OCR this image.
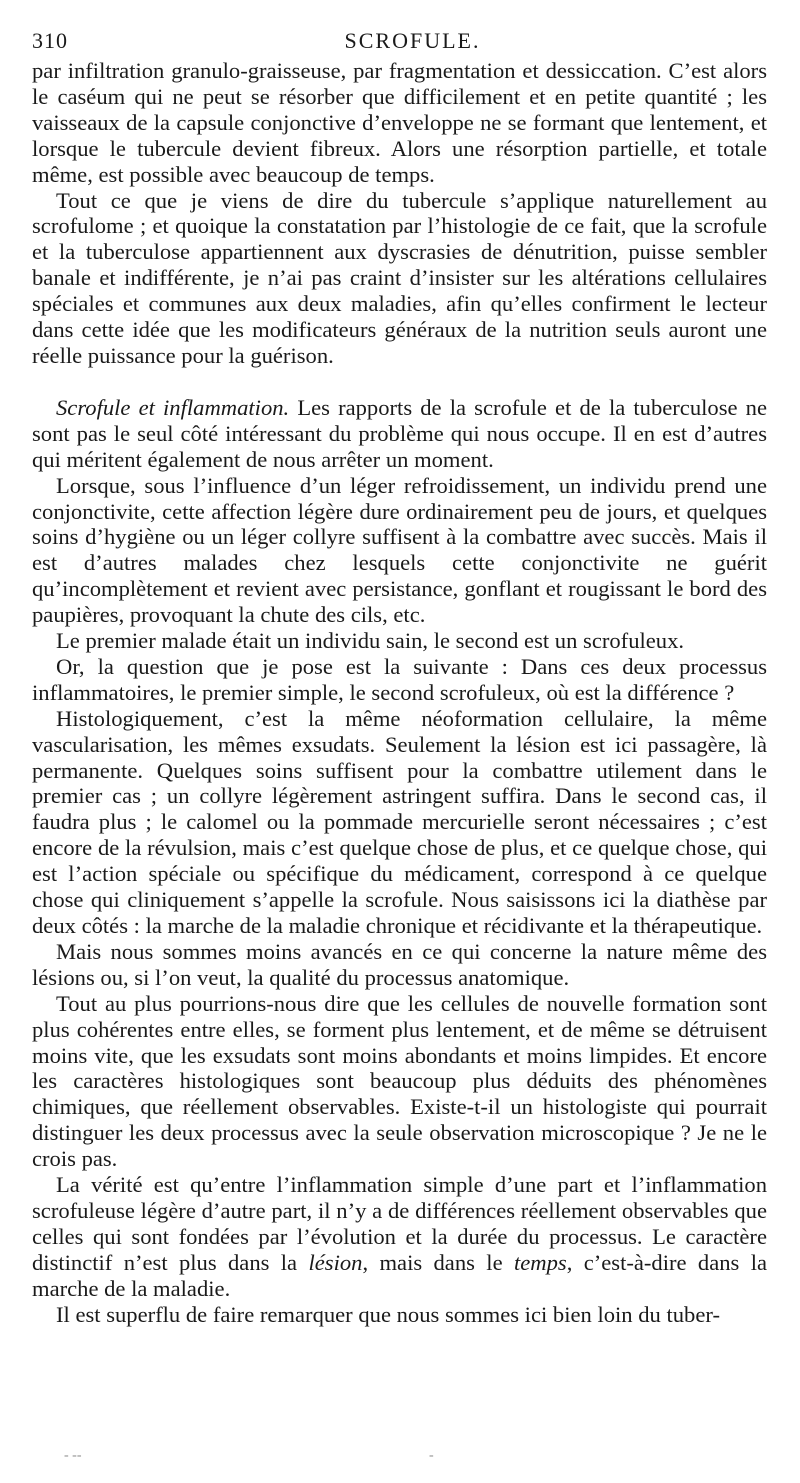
310	SCROFULE.

par infiltration granulo-graisseuse, par fragmentation et dessiccation. C’est alors le caséum qui ne peut se résorber que difficilement et en petite quantité ; les vaisseaux de la capsule conjonctive d’enveloppe ne se formant que lentement, et lorsque le tubercule devient fibreux. Alors une résorption partielle, et totale même, est possible avec beaucoup de temps.

Tout ce que je viens de dire du tubercule s’applique naturellement au scrofulome ; et quoique la constatation par l’histologie de ce fait, que la scrofule et la tuberculose appartiennent aux dyscrasies de dénutrition, puisse sembler banale et indifférente, je n’ai pas craint d’insister sur les altérations cellulaires spéciales et communes aux deux maladies, afin qu’elles confirment le lecteur dans cette idée que les modificateurs généraux de la nutrition seuls auront une réelle puissance pour la guérison.

Scrofule et inflammation. Les rapports de la scrofule et de la tuberculose ne sont pas le seul côté intéressant du problème qui nous occupe. Il en est d’autres qui méritent également de nous arrêter un moment.

Lorsque, sous l’influence d’un léger refroidissement, un individu prend une conjonctivite, cette affection légère dure ordinairement peu de jours, et quelques soins d’hygiène ou un léger collyre suffisent à la combattre avec succès. Mais il est d’autres malades chez lesquels cette conjonctivite ne guérit qu’incomplètement et revient avec persistance, gonflant et rougissant le bord des paupières, provoquant la chute des cils, etc.

Le premier malade était un individu sain, le second est un scrofuleux.

Or, la question que je pose est la suivante : Dans ces deux processus inflammatoires, le premier simple, le second scrofuleux, où est la différence ?

Histologiquement, c’est la même néoformation cellulaire, la même vascularisation, les mêmes exsudats. Seulement la lésion est ici passagère, là permanente. Quelques soins suffisent pour la combattre utilement dans le premier cas ; un collyre légèrement astringent suffira. Dans le second cas, il faudra plus ; le calomel ou la pommade mercurielle seront nécessaires ; c’est encore de la révulsion, mais c’est quelque chose de plus, et ce quelque chose, qui est l’action spéciale ou spécifique du médicament, correspond à ce quelque chose qui cliniquement s’appelle la scrofule. Nous saisissons ici la diathèse par deux côtés : la marche de la maladie chronique et récidivante et la thérapeutique.

Mais nous sommes moins avancés en ce qui concerne la nature même des lésions ou, si l’on veut, la qualité du processus anatomique.

Tout au plus pourrions-nous dire que les cellules de nouvelle formation sont plus cohérentes entre elles, se forment plus lentement, et de même se détruisent moins vite, que les exsudats sont moins abondants et moins limpides. Et encore les caractères histologiques sont beaucoup plus déduits des phénomènes chimiques, que réellement observables. Existe-t-il un histologiste qui pourrait distinguer les deux processus avec la seule observation microscopique ? Je ne le crois pas.

La vérité est qu’entre l’inflammation simple d’une part et l’inflammation scrofuleuse légère d’autre part, il n’y a de différences réellement observables que celles qui sont fondées par l’évolution et la durée du processus. Le caractère distinctif n’est plus dans la lésion, mais dans le temps, c’est-à-dire dans la marche de la maladie.

Il est superflu de faire remarquer que nous sommes ici bien loin du tuber-

- --	-
